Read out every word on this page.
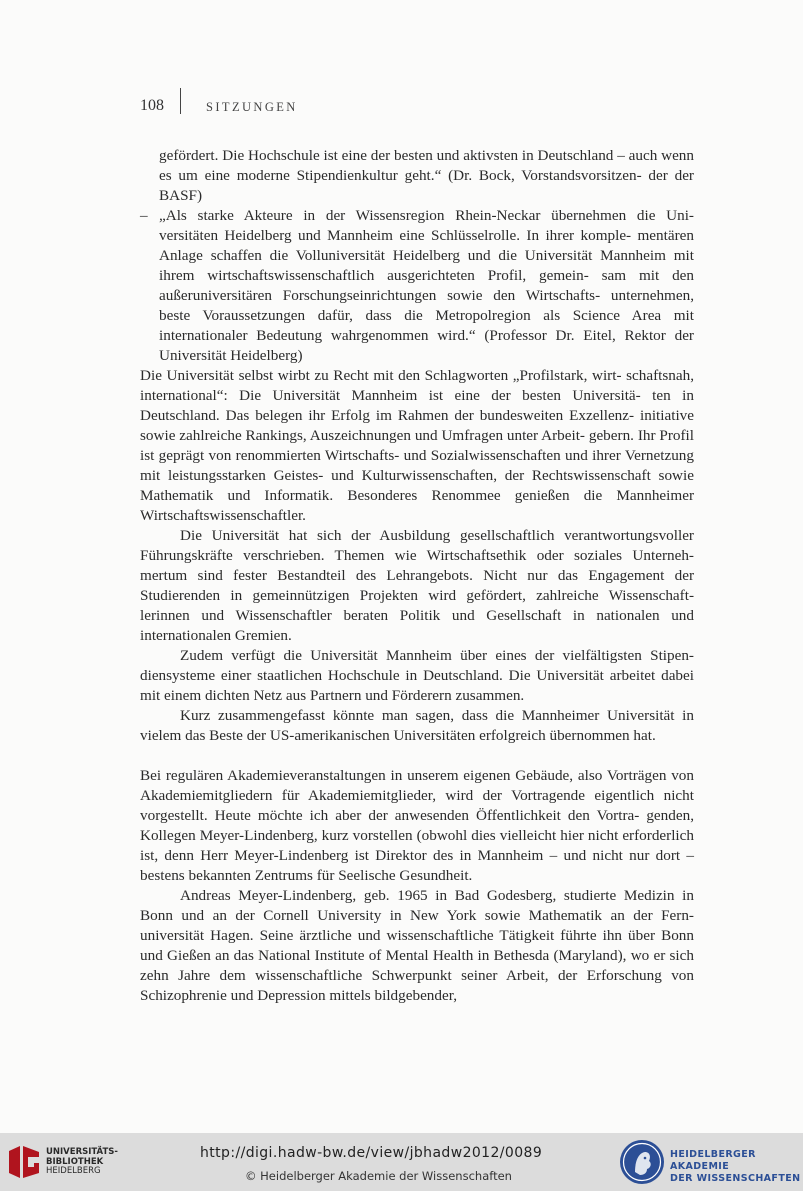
108	SITZUNGEN

gefördert. Die Hochschule ist eine der besten und aktivsten in Deutschland – auch wenn es um eine moderne Stipendienkultur geht.“ (Dr. Bock, Vorstandsvorsitzen- der der BASF)

– „Als starke Akteure in der Wissensregion Rhein-Neckar übernehmen die Uni- versitäten Heidelberg und Mannheim eine Schlüsselrolle. In ihrer komple- mentären Anlage schaffen die Volluniversität Heidelberg und die Universität Mannheim mit ihrem wirtschaftswissenschaftlich ausgerichteten Profil, gemein- sam mit den außeruniversitären Forschungseinrichtungen sowie den Wirtschafts- unternehmen, beste Voraussetzungen dafür, dass die Metropolregion als Science Area mit internationaler Bedeutung wahrgenommen wird.“ (Professor Dr. Eitel, Rektor der Universität Heidelberg)

Die Universität selbst wirbt zu Recht mit den Schlagworten „Profilstark, wirt- schaftsnah, international“: Die Universität Mannheim ist eine der besten Universitä- ten in Deutschland. Das belegen ihr Erfolg im Rahmen der bundesweiten Exzellenz- initiative sowie zahlreiche Rankings, Auszeichnungen und Umfragen unter Arbeit- gebern. Ihr Profil ist geprägt von renommierten Wirtschafts- und Sozialwissenschaften und ihrer Vernetzung mit leistungsstarken Geistes- und Kulturwissenschaften, der Rechtswissenschaft sowie Mathematik und Informatik. Besonderes Renommee genießen die Mannheimer Wirtschaftswissenschaftler.

Die Universität hat sich der Ausbildung gesellschaftlich verantwortungsvoller Führungskräfte verschrieben. Themen wie Wirtschaftsethik oder soziales Unterneh- mertum sind fester Bestandteil des Lehrangebots. Nicht nur das Engagement der Studierenden in gemeinnützigen Projekten wird gefördert, zahlreiche Wissenschaft- lerinnen und Wissenschaftler beraten Politik und Gesellschaft in nationalen und internationalen Gremien.

Zudem verfügt die Universität Mannheim über eines der vielfältigsten Stipen- diensysteme einer staatlichen Hochschule in Deutschland. Die Universität arbeitet dabei mit einem dichten Netz aus Partnern und Förderern zusammen.

Kurz zusammengefasst könnte man sagen, dass die Mannheimer Universität in vielem das Beste der US-amerikanischen Universitäten erfolgreich übernommen hat.

Bei regulären Akademieveranstaltungen in unserem eigenen Gebäude, also Vorträgen von Akademiemitgliedern für Akademiemitglieder, wird der Vortragende eigentlich nicht vorgestellt. Heute möchte ich aber der anwesenden Öffentlichkeit den Vortra- genden, Kollegen Meyer-Lindenberg, kurz vorstellen (obwohl dies vielleicht hier nicht erforderlich ist, denn Herr Meyer-Lindenberg ist Direktor des in Mannheim – und nicht nur dort – bestens bekannten Zentrums für Seelische Gesundheit.

Andreas Meyer-Lindenberg, geb. 1965 in Bad Godesberg, studierte Medizin in Bonn und an der Cornell University in New York sowie Mathematik an der Fern- universität Hagen. Seine ärztliche und wissenschaftliche Tätigkeit führte ihn über Bonn und Gießen an das National Institute of Mental Health in Bethesda (Maryland), wo er sich zehn Jahre dem wissenschaftliche Schwerpunkt seiner Arbeit, der Erforschung von Schizophrenie und Depression mittels bildgebender,

UNIVERSITÄTS-
BIBLIOTHEK
HEIDELBERG
http://digi.hadw-bw.de/view/jbhadw2012/0089
© Heidelberger Akademie der Wissenschaften
HEIDELBERGER AKADEMIE
DER WISSENSCHAFTEN
